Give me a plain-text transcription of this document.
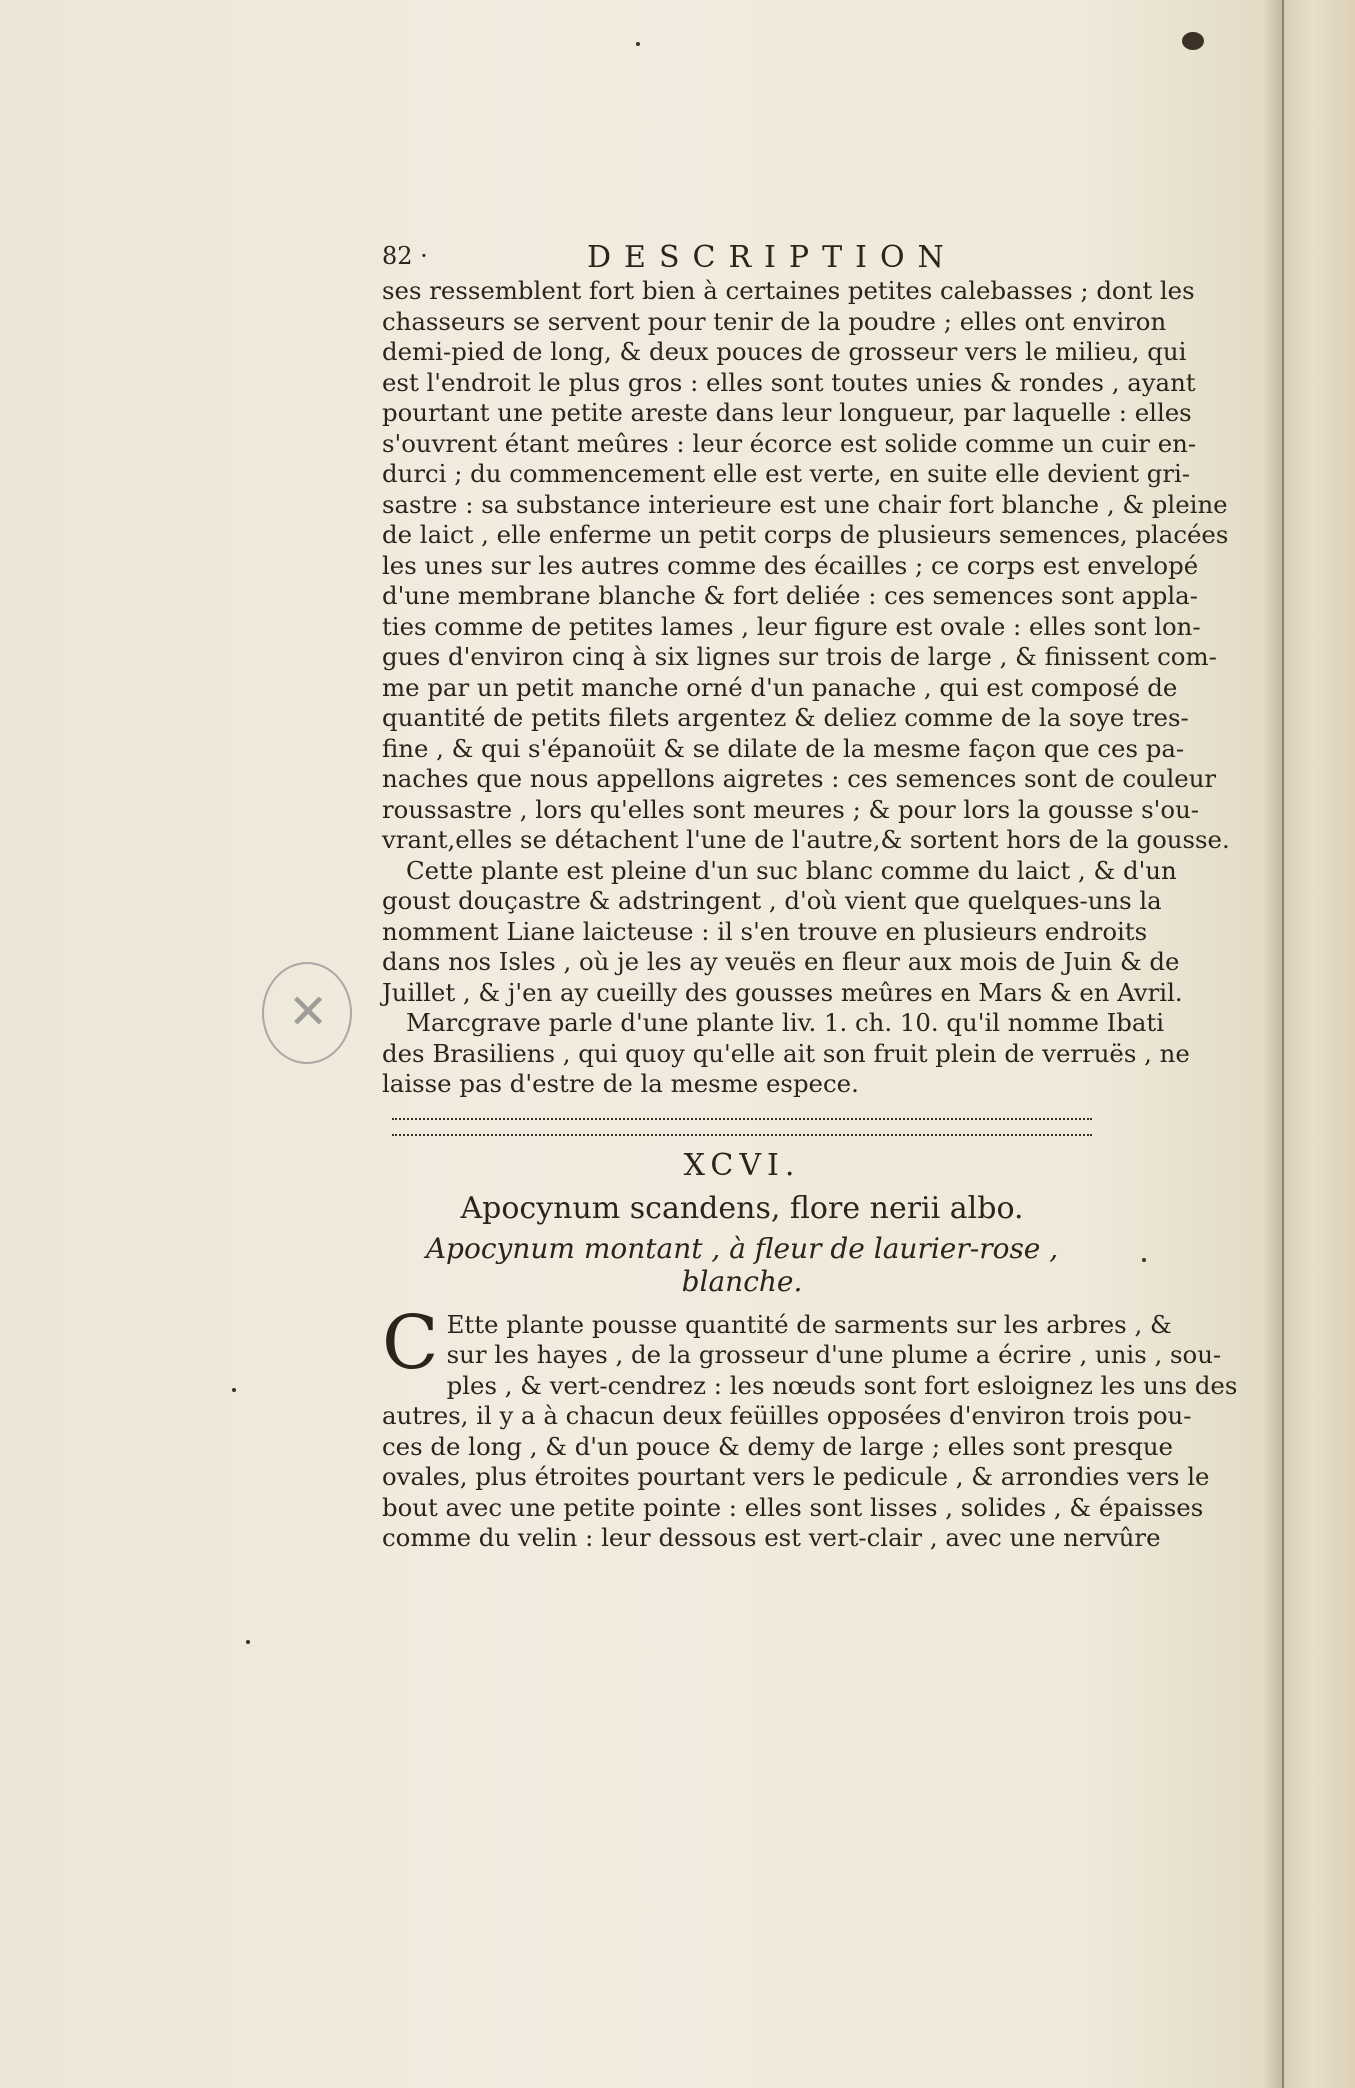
✕
82 ·	DESCRIPTION

ses ressemblent fort bien à certaines petites calebasses ; dont les
chasseurs se servent pour tenir de la poudre ; elles ont environ
demi-pied de long, & deux pouces de grosseur vers le milieu, qui
est l'endroit le plus gros : elles sont toutes unies & rondes , ayant
pourtant une petite areste dans leur longueur, par laquelle : elles
s'ouvrent étant meûres : leur écorce est solide comme un cuir en-
durci ; du commencement elle est verte, en suite elle devient gri-
sastre : sa substance interieure est une chair fort blanche , & pleine
de laict , elle enferme un petit corps de plusieurs semences, placées
les unes sur les autres comme des écailles ; ce corps est envelopé
d'une membrane blanche & fort deliée : ces semences sont appla-
ties comme de petites lames , leur figure est ovale : elles sont lon-
gues d'environ cinq à six lignes sur trois de large , & finissent com-
me par un petit manche orné d'un panache , qui est composé de
quantité de petits filets argentez & deliez comme de la soye tres-
fine , & qui s'épanoüit & se dilate de la mesme façon que ces pa-
naches que nous appellons aigretes : ces semences sont de couleur
roussastre , lors qu'elles sont meures ; & pour lors la gousse s'ou-
vrant,elles se détachent l'une de l'autre,& sortent hors de la gousse.

Cette plante est pleine d'un suc blanc comme du laict , & d'un
goust douçastre & adstringent , d'où vient que quelques-uns la
nomment Liane laicteuse : il s'en trouve en plusieurs endroits
dans nos Isles , où je les ay veuës en fleur aux mois de Juin & de
Juillet , & j'en ay cueilly des gousses meûres en Mars & en Avril.

Marcgrave parle d'une plante liv. 1. ch. 10. qu'il nomme Ibati
des Brasiliens , qui quoy qu'elle ait son fruit plein de verruës , ne
laisse pas d'estre de la mesme espece.

XCVI.
Apocynum scandens, flore nerii albo.
Apocynum montant , à fleur de laurier-rose , blanche.
C Ette plante pousse quantité de sarments sur les arbres , &
sur les hayes , de la grosseur d'une plume a écrire , unis , sou-
ples , & vert-cendrez : les nœuds sont fort esloignez les uns des
autres, il y a à chacun deux feüilles opposées d'environ trois pou-
ces de long , & d'un pouce & demy de large ; elles sont presque
ovales, plus étroites pourtant vers le pedicule , & arrondies vers le
bout avec une petite pointe : elles sont lisses , solides , & épaisses
comme du velin : leur dessous est vert-clair , avec une nervûre
